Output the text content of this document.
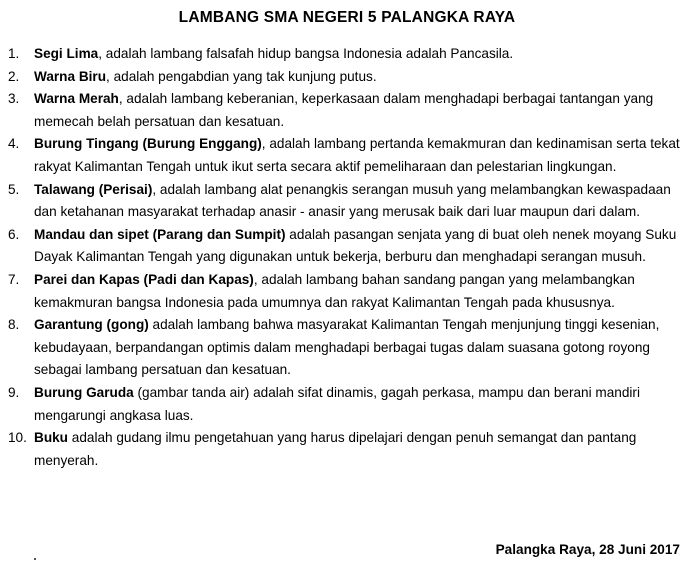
LAMBANG SMA NEGERI 5 PALANGKA RAYA
1. Segi Lima, adalah lambang falsafah hidup bangsa Indonesia adalah Pancasila.
2. Warna Biru, adalah pengabdian yang tak kunjung putus.
3. Warna Merah, adalah lambang keberanian, keperkasaan dalam menghadapi berbagai tantangan yang memecah belah persatuan dan kesatuan.
4. Burung Tingang (Burung Enggang), adalah lambang pertanda kemakmuran dan kedinamisan serta tekat rakyat Kalimantan Tengah untuk ikut serta secara aktif pemeliharaan dan pelestarian lingkungan.
5. Talawang (Perisai), adalah lambang alat penangkis serangan musuh yang melambangkan kewaspadaan dan ketahanan masyarakat terhadap anasir - anasir yang merusak baik dari luar maupun dari dalam.
6. Mandau dan sipet (Parang dan Sumpit) adalah pasangan senjata yang di buat oleh nenek moyang Suku Dayak Kalimantan Tengah yang digunakan untuk bekerja, berburu dan menghadapi serangan musuh.
7. Parei dan Kapas (Padi dan Kapas), adalah lambang bahan sandang pangan yang melambangkan kemakmuran bangsa Indonesia pada umumnya dan rakyat Kalimantan Tengah pada khususnya.
8. Garantung (gong) adalah lambang bahwa masyarakat Kalimantan Tengah menjunjung tinggi kesenian, kebudayaan, berpandangan optimis dalam menghadapi berbagai tugas dalam suasana gotong royong sebagai lambang persatuan dan kesatuan.
9. Burung Garuda (gambar tanda air) adalah sifat dinamis, gagah perkasa, mampu dan berani mandiri mengarungi angkasa luas.
10. Buku adalah gudang ilmu pengetahuan yang harus dipelajari dengan penuh semangat dan pantang menyerah.
Palangka Raya, 28 Juni 2017
